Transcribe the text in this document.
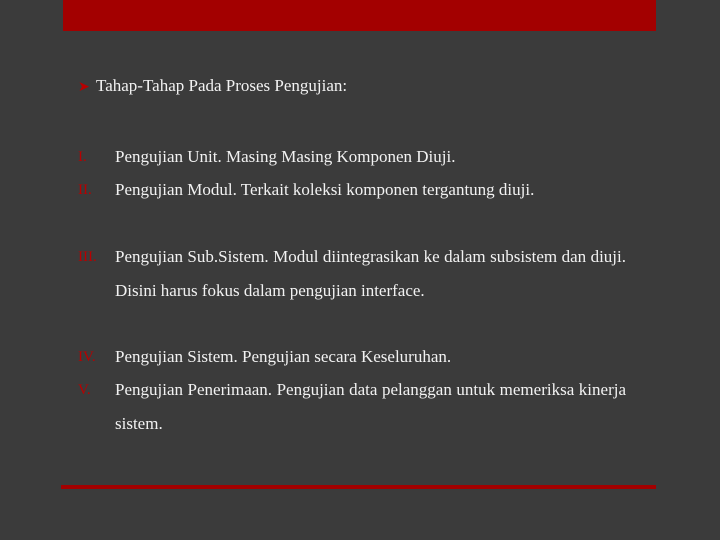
➤ Tahap-Tahap Pada Proses Pengujian:
I. Pengujian Unit. Masing Masing Komponen Diuji.
II. Pengujian Modul. Terkait koleksi komponen tergantung diuji.
III. Pengujian Sub.Sistem. Modul diintegrasikan ke dalam subsistem dan diuji. Disini harus fokus dalam pengujian interface.
IV. Pengujian Sistem. Pengujian secara Keseluruhan.
V. Pengujian Penerimaan. Pengujian data pelanggan untuk memeriksa kinerja sistem.
